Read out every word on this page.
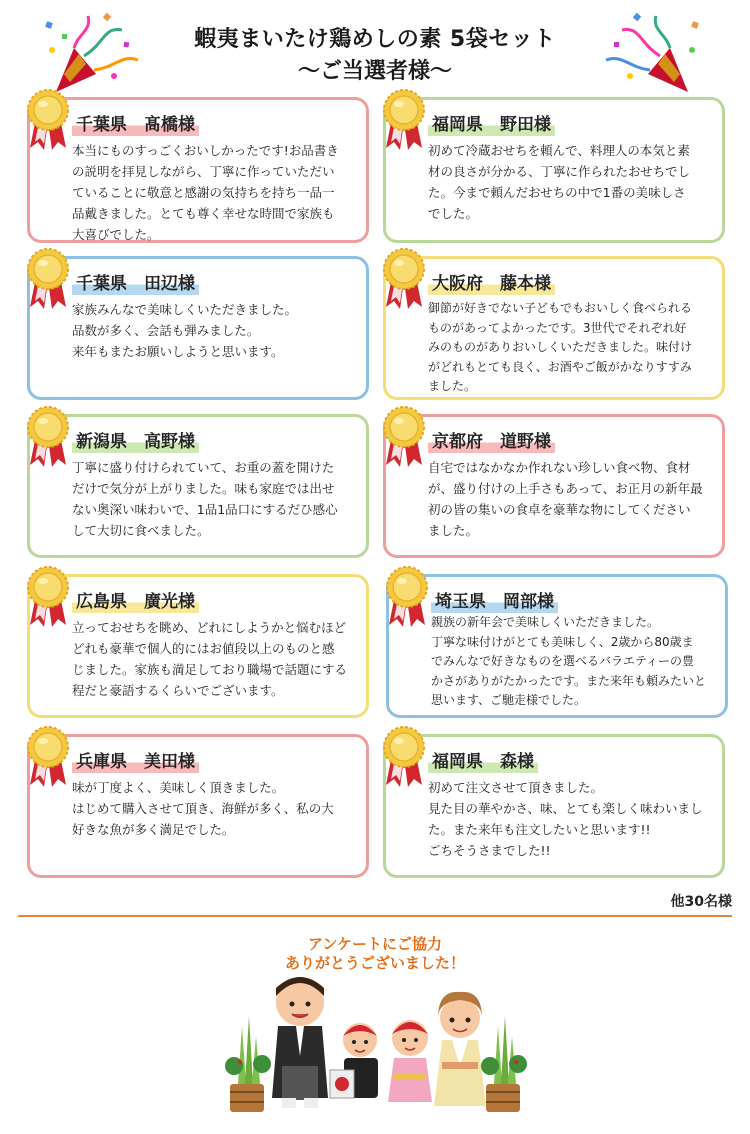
蝦夷まいたけ鶏めしの素 5袋セット
～ご当選者様～
千葉県　髙橋様

本当にものすっごくおいしかったです!お品書き

の説明を拝見しながら、丁寧に作っていただい

ていることに敬意と感謝の気持ちを持ち一品一

品戴きました。とても尊く幸せな時間で家族も

大喜びでした。

福岡県　野田様

初めて冷蔵おせちを頼んで、料理人の本気と素

材の良さが分かる、丁寧に作られたおせちでし

た。今まで頼んだおせちの中で1番の美味しさ

でした。

千葉県　田辺様

家族みんなで美味しくいただきました。

品数が多く、会話も弾みました。

来年もまたお願いしようと思います。

大阪府　藤本様

御節が好きでない子どもでもおいしく食べられる

ものがあってよかったです。3世代でそれぞれ好

みのものがありおいしくいただきました。味付け

がどれもとても良く、お酒やご飯がかなりすすみ

ました。

新潟県　高野様

丁寧に盛り付けられていて、お重の蓋を開けた

だけで気分が上がりました。味も家庭では出せ

ない奥深い味わいで、1品1品口にするだひ感心

して大切に食べました。

京都府　道野様

自宅ではなかなか作れない珍しい食べ物、食材

が、盛り付けの上手さもあって、お正月の新年最

初の皆の集いの食卓を豪華な物にしてください

ました。

広島県　廣光様

立っておせちを眺め、どれにしようかと悩むほど

どれも豪華で個人的にはお値段以上のものと感

じました。家族も満足しており職場で話題にする

程だと豪語するくらいでございます。

埼玉県　岡部様

親族の新年会で美味しくいただきました。

丁寧な味付けがとても美味しく、2歳から80歳ま

でみんなで好きなものを選べるバラエティーの豊

かさがありがたかったです。また来年も頼みたいと

思います、ご馳走様でした。

兵庫県　美田様

味が丁度よく、美味しく頂きました。

はじめて購入させて頂き、海鮮が多く、私の大

好きな魚が多く満足でした。

福岡県　森様

初めて注文させて頂きました。

見た目の華やかさ、味、とても楽しく味わいまし

た。また来年も注文したいと思います!!

ごちそうさまでした!!

他30名様
アンケートにご協力
ありがとうございました！
